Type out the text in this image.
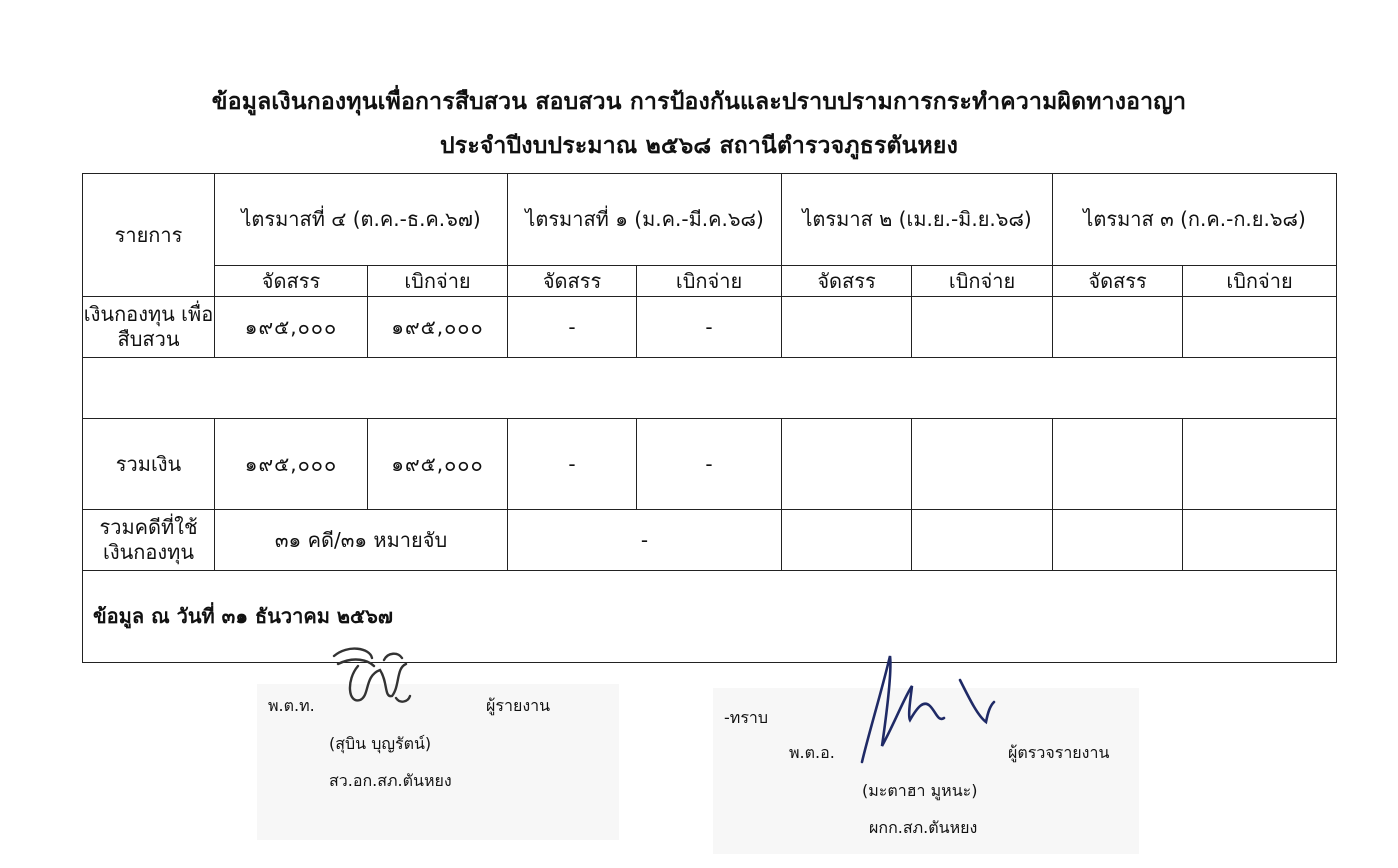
ข้อมูลเงินกองทุนเพื่อการสืบสวน สอบสวน การป้องกันและปราบปรามการกระทำความผิดทางอาญา
ประจำปีงบประมาณ ๒๕๖๘ สถานีตำรวจภูธรตันหยง
รายการ	ไตรมาสที่ ๔ (ต.ค.-ธ.ค.๖๗)		ไตรมาสที่ ๑ (ม.ค.-มี.ค.๖๘)		ไตรมาส ๒ (เม.ย.-มิ.ย.๖๘)		ไตรมาส ๓ (ก.ค.-ก.ย.๖๘)	
	จัดสรร	เบิกจ่าย	จัดสรร	เบิกจ่าย	จัดสรร	เบิกจ่าย	จัดสรร	เบิกจ่าย
เงินกองทุน เพื่อสืบสวน	๑๙๕,๐๐๐	๑๙๕,๐๐๐	-	-				

รวมเงิน	๑๙๕,๐๐๐	๑๙๕,๐๐๐	-	-				
รวมคดีที่ใช้ เงินกองทุน	๓๑ คดี/๓๑ หมายจับ		-					
ข้อมูล ณ วันที่ ๓๑ ธันวาคม ๒๕๖๗								
พ.ต.ท.	ผู้รายงาน
(สุบิน บุญรัตน์)
สว.อก.สภ.ตันหยง
-ทราบ
พ.ต.อ.	ผู้ตรวจรายงาน
(มะตาฮา มูหนะ)
ผกก.สภ.ตันหยง
